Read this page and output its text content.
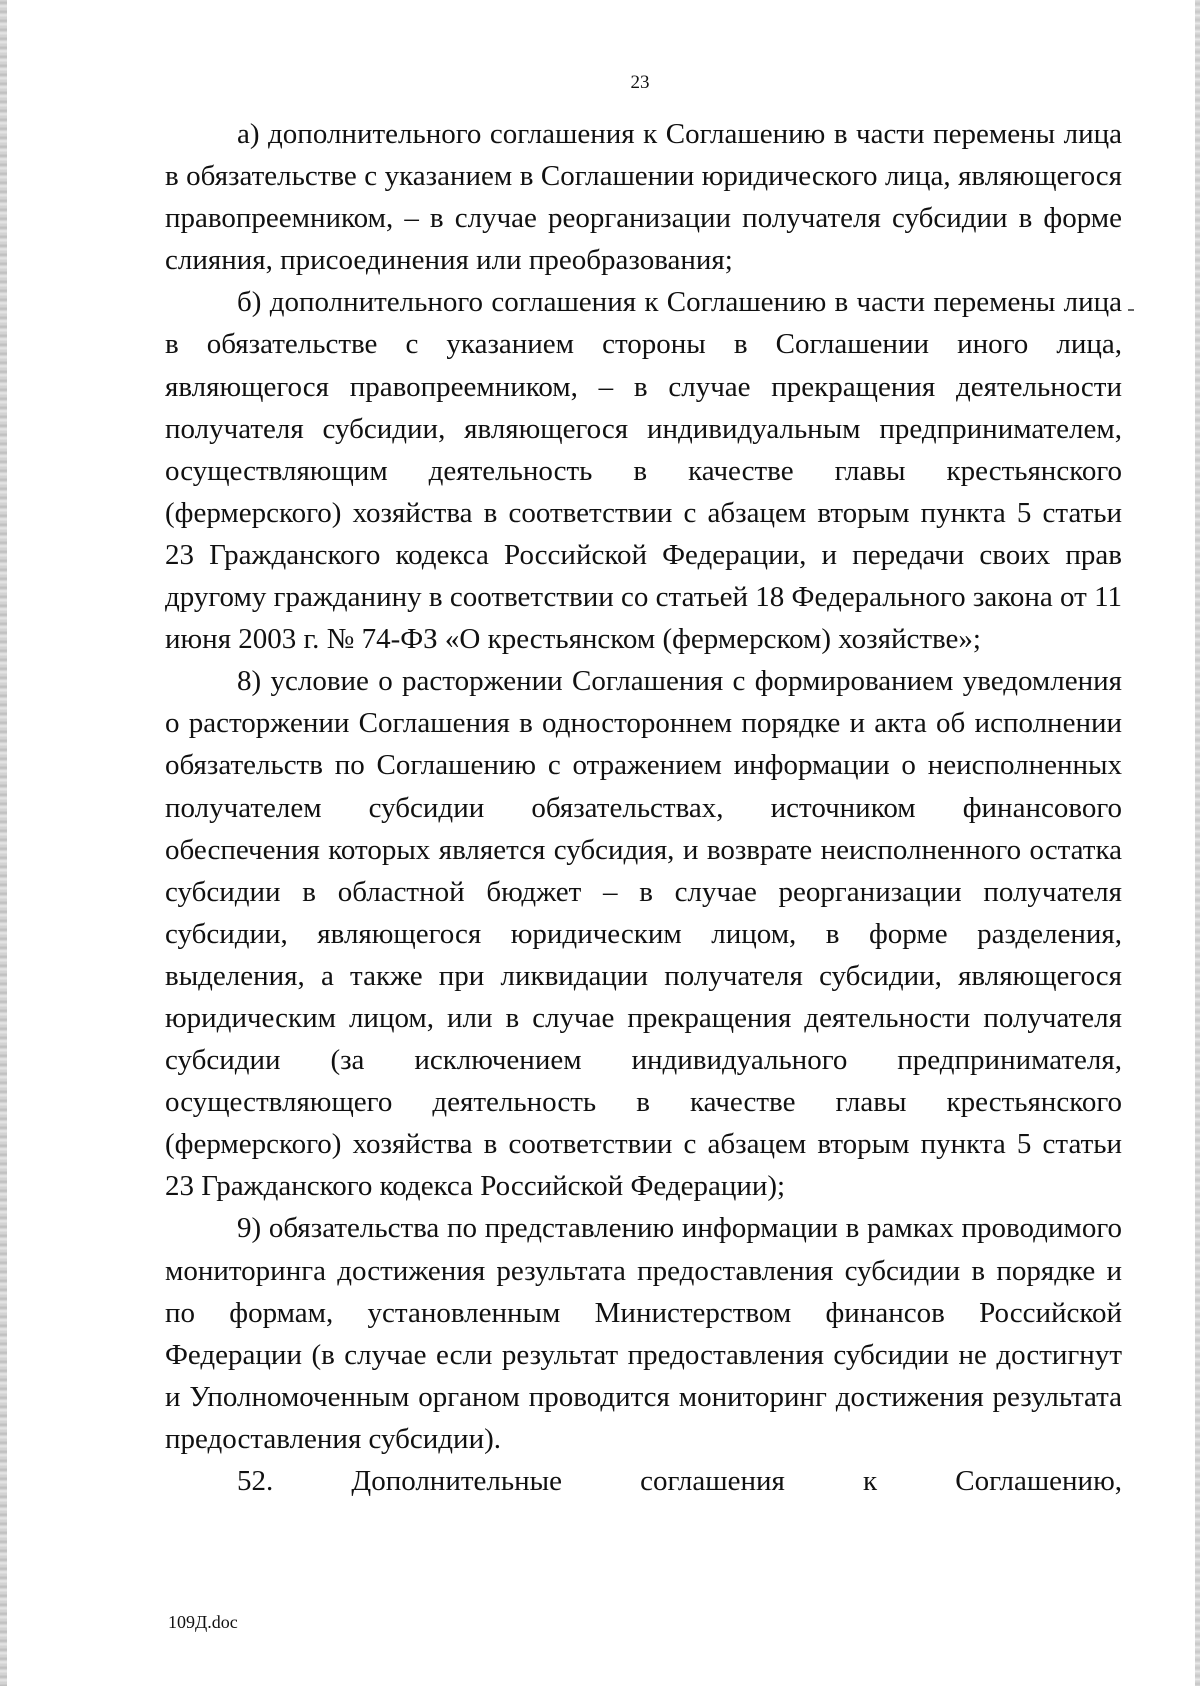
23

а) дополнительного соглашения к Соглашению в части перемены лица в обязательстве с указанием в Соглашении юридического лица, являющегося правопреемником, – в случае реорганизации получателя субсидии в форме слияния, присоединения или преобразования;

б) дополнительного соглашения к Соглашению в части перемены лица в обязательстве с указанием стороны в Соглашении иного лица, являющегося правопреемником, – в случае прекращения деятельности получателя субсидии, являющегося индивидуальным предпринимателем, осуществляющим деятельность в качестве главы крестьянского (фермерского) хозяйства в соответствии с абзацем вторым пункта 5 статьи 23 Гражданского кодекса Российской Федерации, и передачи своих прав другому гражданину в соответствии со статьей 18 Федерального закона от 11 июня 2003 г. № 74-ФЗ «О крестьянском (фермерском) хозяйстве»;

8) условие о расторжении Соглашения с формированием уведомления о расторжении Соглашения в одностороннем порядке и акта об исполнении обязательств по Соглашению с отражением информации о неисполненных получателем субсидии обязательствах, источником финансового обеспечения которых является субсидия, и возврате неисполненного остатка субсидии в областной бюджет – в случае реорганизации получателя субсидии, являющегося юридическим лицом, в форме разделения, выделения, а также при ликвидации получателя субсидии, являющегося юридическим лицом, или в случае прекращения деятельности получателя субсидии (за исключением индивидуального предпринимателя, осуществляющего деятельность в качестве главы крестьянского (фермерского) хозяйства в соответствии с абзацем вторым пункта 5 статьи 23 Гражданского кодекса Российской Федерации);

9) обязательства по представлению информации в рамках проводимого мониторинга достижения результата предоставления субсидии в порядке и по формам, установленным Министерством финансов Российской Федерации (в случае если результат предоставления субсидии не достигнут и Уполномоченным органом проводится мониторинг достижения результата предоставления субсидии).

52. Дополнительные соглашения к Соглашению,

109Д.doc
